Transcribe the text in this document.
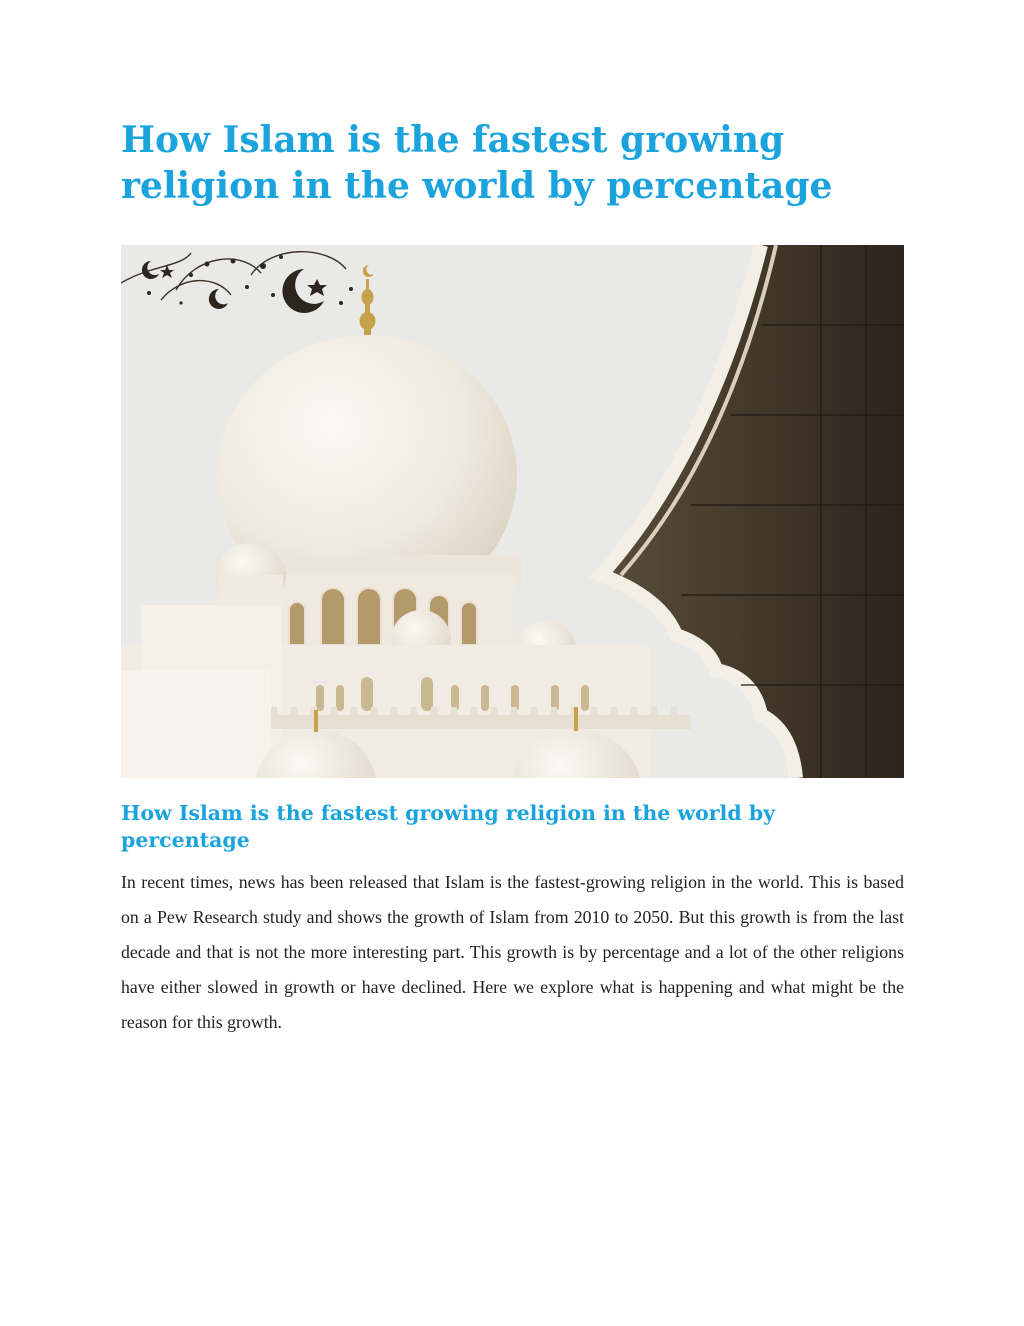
How Islam is the fastest growing religion in the world by percentage
How Islam is the fastest growing religion in the world by percentage

In recent times, news has been released that Islam is the fastest-growing religion in the world. This is based on a Pew Research study and shows the growth of Islam from 2010 to 2050. But this growth is from the last decade and that is not the more interesting part. This growth is by percentage and a lot of the other religions have either slowed in growth or have declined. Here we explore what is happening and what might be the reason for this growth.
